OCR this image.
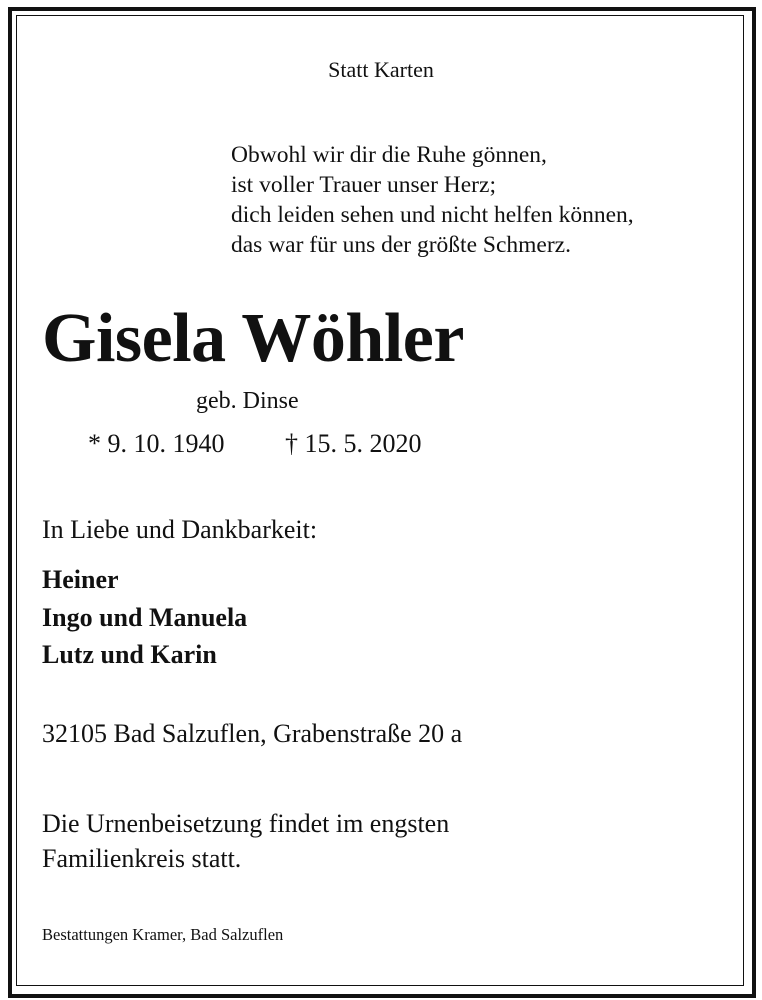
Statt Karten
Obwohl wir dir die Ruhe gönnen,
ist voller Trauer unser Herz;
dich leiden sehen und nicht helfen können,
das war für uns der größte Schmerz.
Gisela Wöhler
geb. Dinse
* 9. 10. 1940 † 15. 5. 2020
In Liebe und Dankbarkeit:
Heiner
Ingo und Manuela
Lutz und Karin
32105 Bad Salzuflen, Grabenstraße 20 a
Die Urnenbeisetzung findet im engsten
Familienkreis statt.
Bestattungen Kramer, Bad Salzuflen
